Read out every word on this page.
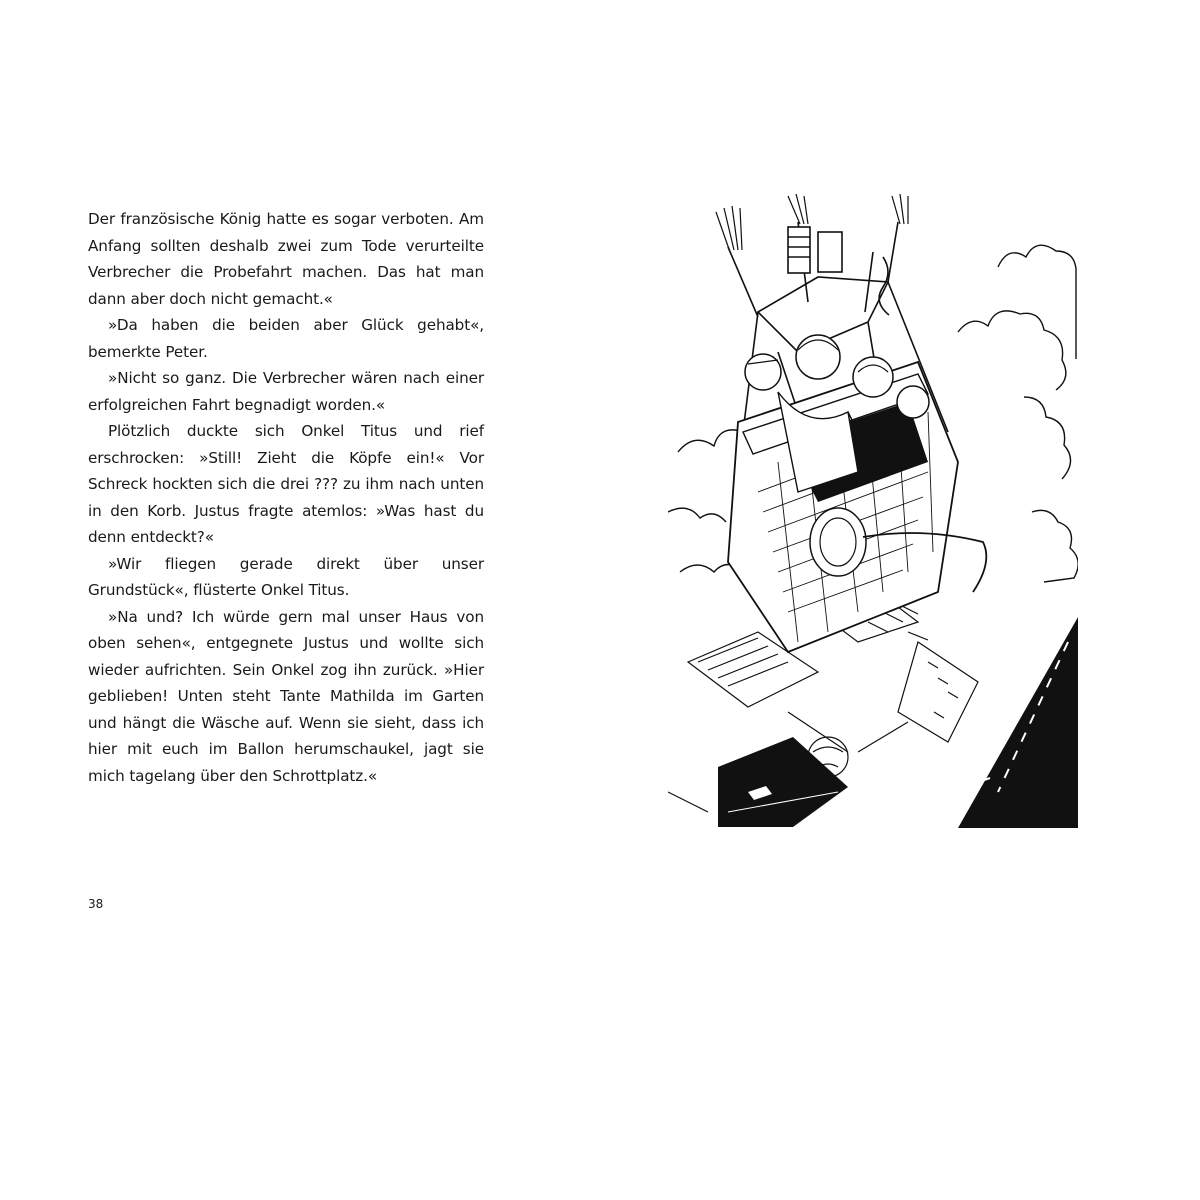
Der französische König hatte es sogar verboten. Am Anfang sollten deshalb zwei zum Tode verurteilte Verbrecher die Probefahrt machen. Das hat man dann aber doch nicht gemacht.«

»Da haben die beiden aber Glück gehabt«, bemerkte Peter.

»Nicht so ganz. Die Verbrecher wären nach einer erfolgreichen Fahrt begnadigt worden.«

Plötzlich duckte sich Onkel Titus und rief erschrocken: »Still! Zieht die Köpfe ein!« Vor Schreck hockten sich die drei ??? zu ihm nach unten in den Korb. Justus fragte atemlos: »Was hast du denn entdeckt?«

»Wir fliegen gerade direkt über unser Grundstück«, flüsterte Onkel Titus.

»Na und? Ich würde gern mal unser Haus von oben sehen«, entgegnete Justus und wollte sich wieder aufrichten. Sein Onkel zog ihn zurück. »Hier geblieben! Unten steht Tante Mathilda im Garten und hängt die Wäsche auf. Wenn sie sieht, dass ich hier mit euch im Ballon herumschaukel, jagt sie mich tagelang über den Schrottplatz.«

38
